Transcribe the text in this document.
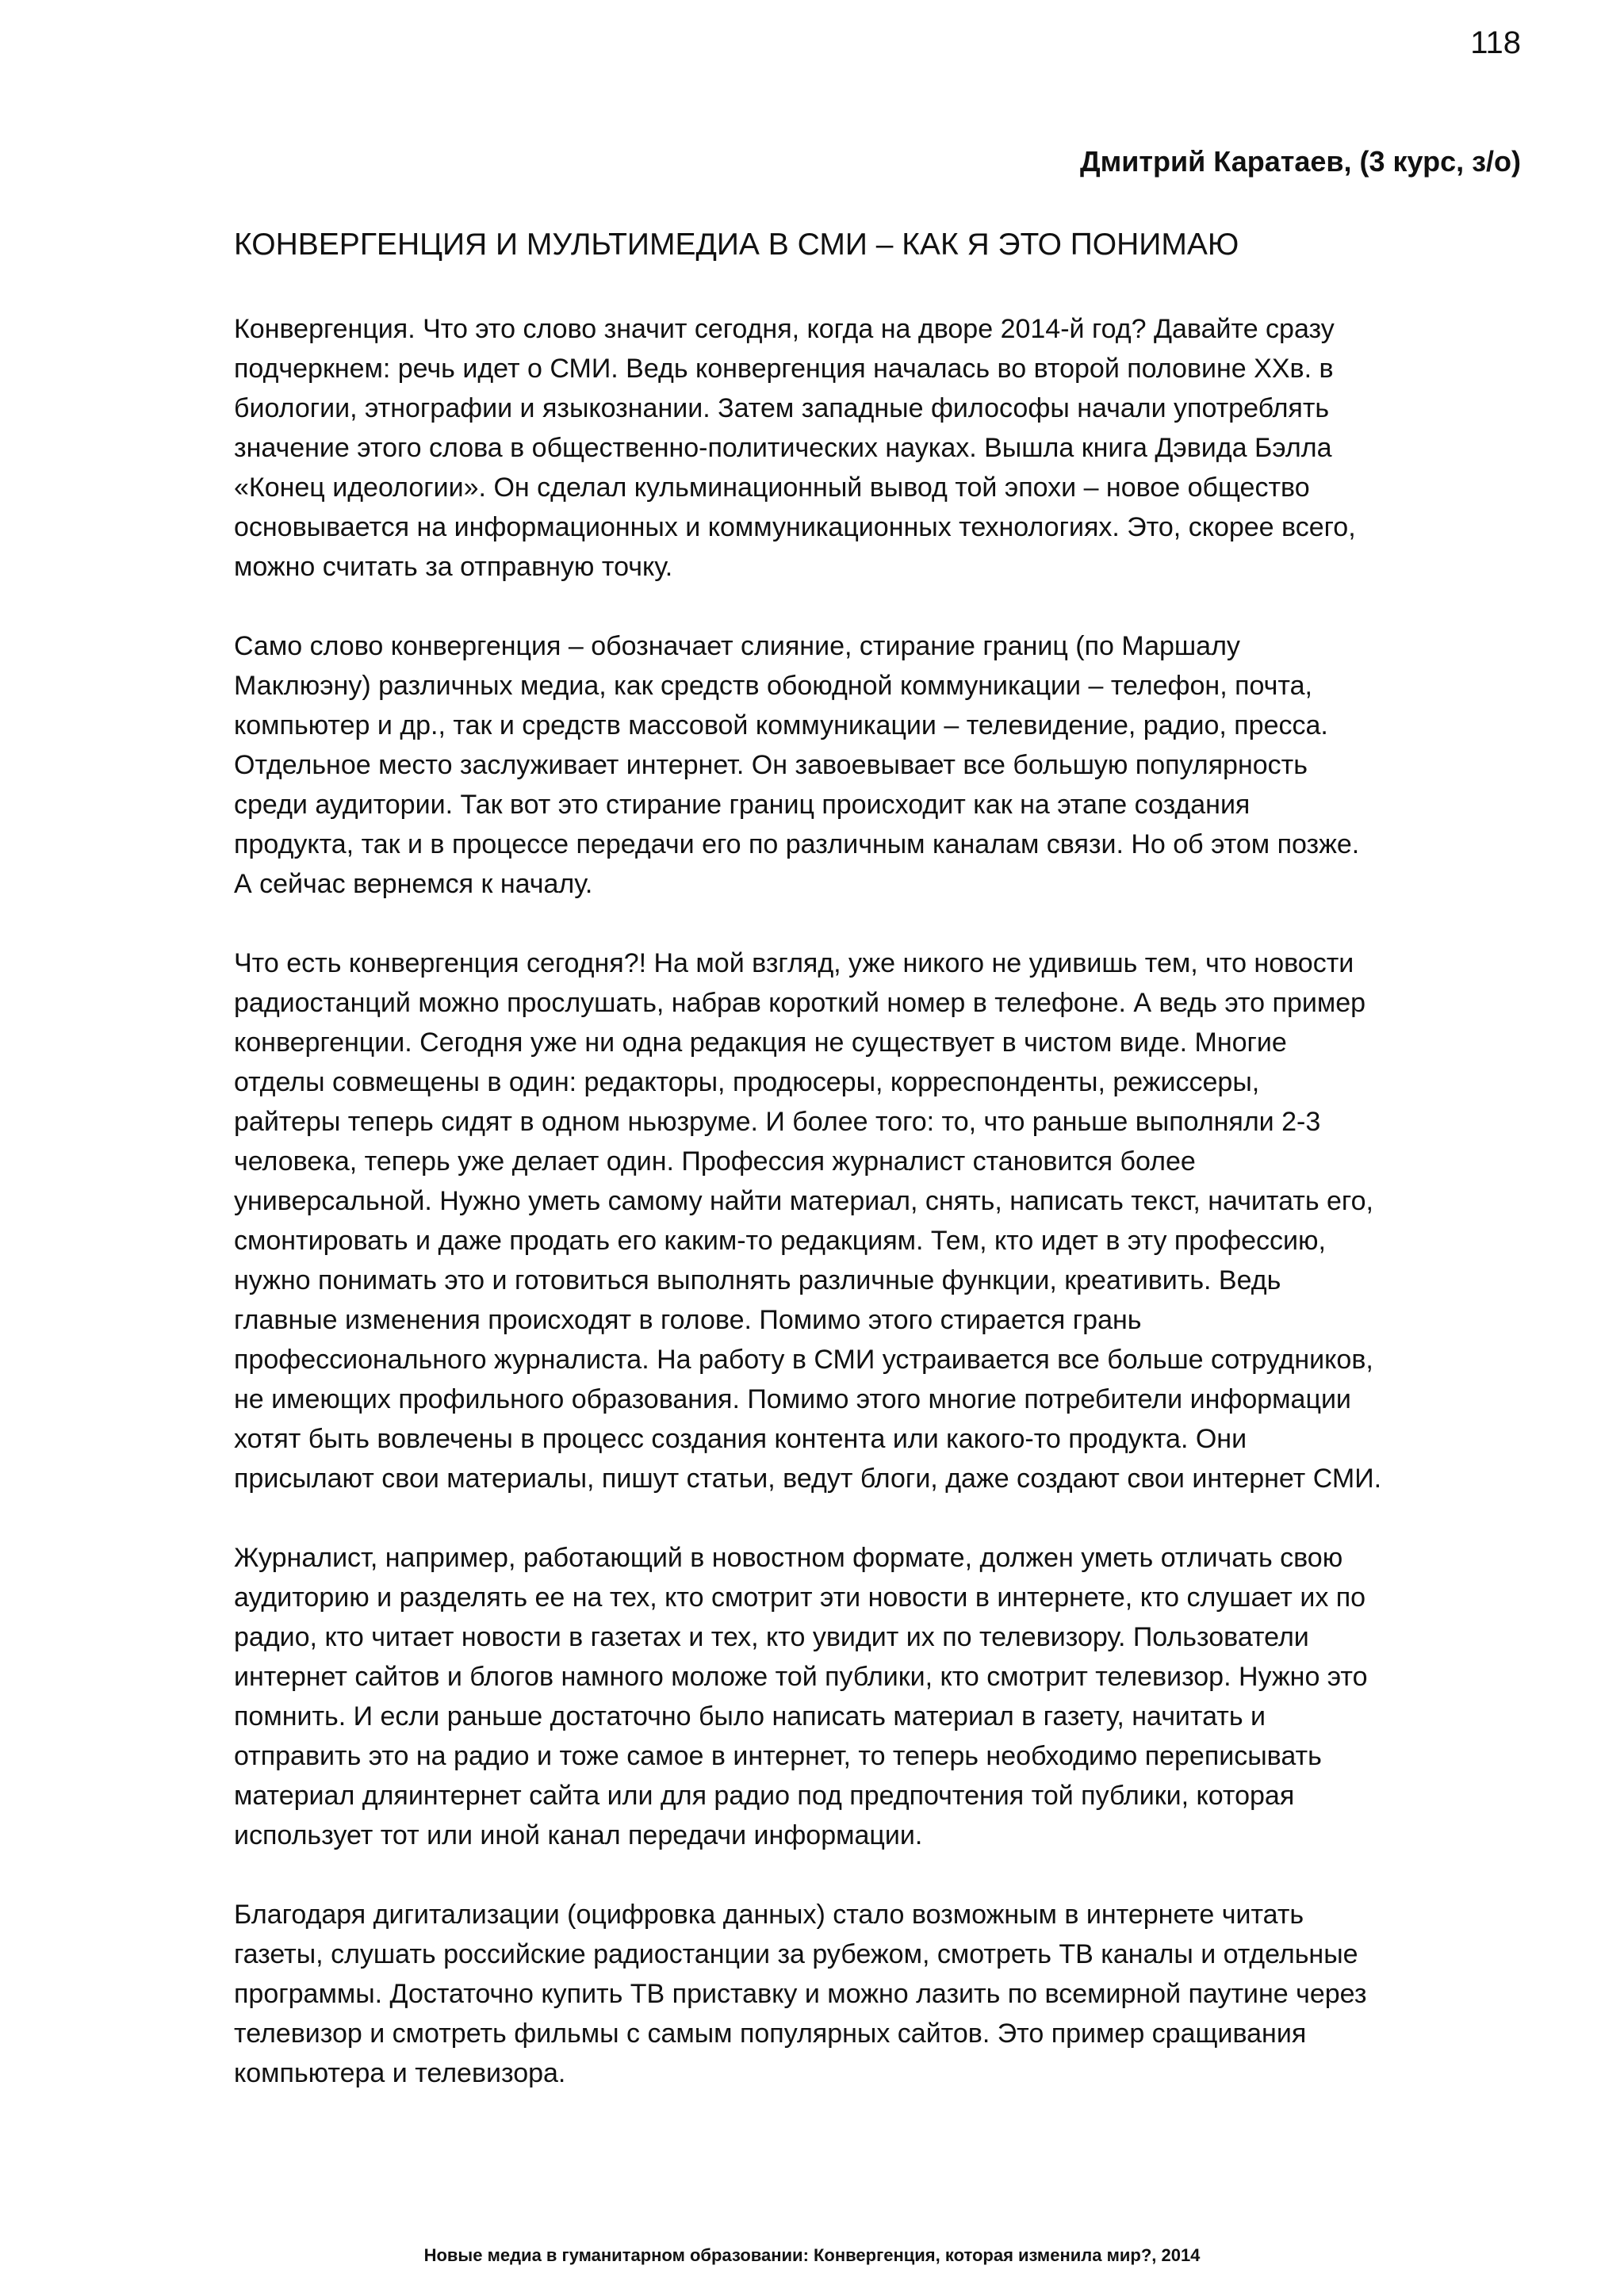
118
Дмитрий Каратаев, (3 курс, з/о)
КОНВЕРГЕНЦИЯ И МУЛЬТИМЕДИА В СМИ – КАК Я ЭТО ПОНИМАЮ
Конвергенция. Что это слово значит сегодня, когда на дворе 2014-й год? Давайте сразу
подчеркнем: речь идет о СМИ. Ведь конвергенция началась во второй половине ХХв. в
биологии, этнографии и языкознании. Затем западные философы начали употреблять
значение этого слова в общественно-политических науках. Вышла книга Дэвида Бэлла
«Конец идеологии». Он сделал кульминационный вывод той эпохи – новое общество
основывается на информационных и коммуникационных технологиях. Это, скорее всего,
можно считать за отправную точку.
Само слово конвергенция – обозначает слияние, стирание границ (по Маршалу
Маклюэну) различных медиа, как средств обоюдной коммуникации – телефон, почта,
компьютер и др., так и средств массовой коммуникации – телевидение, радио, пресса.
Отдельное место заслуживает интернет. Он завоевывает все большую популярность
среди аудитории. Так вот это стирание границ происходит как на этапе создания
продукта, так и в процессе передачи его по различным каналам связи. Но об этом позже.
А сейчас вернемся к началу.
Что есть конвергенция сегодня?! На мой взгляд, уже никого не удивишь тем, что новости
радиостанций можно прослушать, набрав короткий номер в телефоне. А ведь это пример
конвергенции. Сегодня уже ни одна редакция не существует в чистом виде. Многие
отделы совмещены в один: редакторы, продюсеры, корреспонденты, режиссеры,
райтеры теперь сидят в одном ньюзруме. И более того: то, что раньше выполняли 2-3
человека, теперь уже делает один. Профессия журналист становится более
универсальной. Нужно уметь самому найти материал, снять, написать текст, начитать его,
смонтировать и даже продать его каким-то редакциям. Тем, кто идет в эту профессию,
нужно понимать это и готовиться выполнять различные функции, креативить. Ведь
главные изменения происходят в голове. Помимо этого стирается грань
профессионального журналиста. На работу в СМИ устраивается все больше сотрудников,
не имеющих профильного образования. Помимо этого многие потребители информации
хотят быть вовлечены в процесс создания контента или какого-то продукта. Они
присылают свои материалы, пишут статьи, ведут блоги, даже создают свои интернет СМИ.
Журналист, например, работающий в новостном формате, должен уметь отличать свою
аудиторию и разделять ее на тех, кто смотрит эти новости в интернете, кто слушает их по
радио, кто читает новости в газетах и тех, кто увидит их по телевизору. Пользователи
интернет сайтов и блогов намного моложе той публики, кто смотрит телевизор. Нужно это
помнить. И если раньше достаточно было написать материал в газету, начитать и
отправить это на радио и тоже самое в интернет, то теперь необходимо переписывать
материал дляинтернет сайта или для радио под предпочтения той публики, которая
использует тот или иной канал передачи информации.
Благодаря дигитализации (оцифровка данных) стало возможным в интернете читать
газеты, слушать российские радиостанции за рубежом, смотреть ТВ каналы и отдельные
программы. Достаточно купить ТВ приставку и можно лазить по всемирной паутине через
телевизор и смотреть фильмы с самым популярных сайтов. Это пример сращивания
компьютера и телевизора.
Новые медиа в гуманитарном образовании: Конвергенция, которая изменила мир?, 2014
